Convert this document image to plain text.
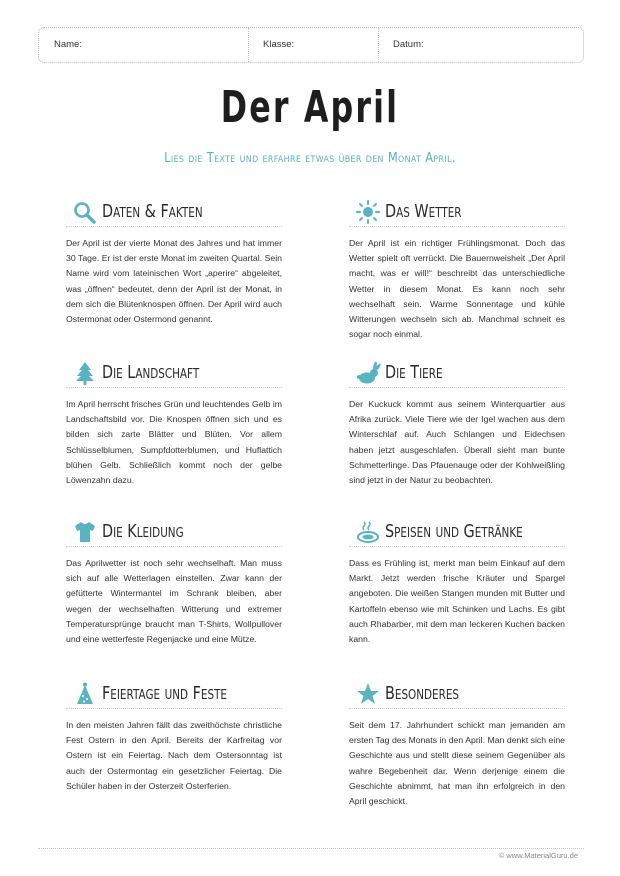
Name:	Klasse:	Datum:
Der April
Lies die Texte und erfahre etwas über den Monat April.
Daten & Fakten

Der April ist der vierte Monat des Jahres und hat immer 30 Tage. Er ist der erste Monat im zweiten Quartal. Sein Name wird vom lateinischen Wort „aperire“ abgeleitet, was „öffnen“ bedeutet, denn der April ist der Monat, in dem sich die Blütenknospen öffnen. Der April wird auch Ostermonat oder Ostermond genannt.

Das Wetter

Der April ist ein richtiger Frühlingsmonat. Doch das Wetter spielt oft verrückt. Die Bauernweisheit „Der April macht, was er will!“ beschreibt das unterschiedliche Wetter in diesem Monat. Es kann noch sehr wechselhaft sein. Warme Sonnentage und kühle Witterungen wechseln sich ab. Manchmal schneit es sogar noch einmal.

Die Landschaft

Im April herrscht frisches Grün und leuchtendes Gelb im Landschaftsbild vor. Die Knospen öffnen sich und es bilden sich zarte Blätter und Blüten. Vor allem Schlüsselblumen, Sumpfdotterblumen, und Huflattich blühen Gelb. Schließlich kommt noch der gelbe Löwenzahn dazu.

Die Tiere

Der Kuckuck kommt aus seinem Winterquartier aus Afrika zurück. Viele Tiere wie der Igel wachen aus dem Winterschlaf auf. Auch Schlangen und Eidechsen haben jetzt ausgeschlafen. Überall sieht man bunte Schmetterlinge. Das Pfauenauge oder der Kohlweißling sind jetzt in der Natur zu beobachten.

Die Kleidung

Das Aprilwetter ist noch sehr wechselhaft. Man muss sich auf alle Wetterlagen einstellen. Zwar kann der gefütterte Wintermantel im Schrank bleiben, aber wegen der wechselhaften Witterung und extremer Temperatursprünge braucht man T-Shirts, Wollpullover und eine wetterfeste Regenjacke und eine Mütze.

Speisen und Getränke

Dass es Frühling ist, merkt man beim Einkauf auf dem Markt. Jetzt werden frische Kräuter und Spargel angeboten. Die weißen Stangen munden mit Butter und Kartoffeln ebenso wie mit Schinken und Lachs. Es gibt auch Rhabarber, mit dem man leckeren Kuchen backen kann.

Feiertage und Feste

In den meisten Jahren fällt das zweithöchste christliche Fest Ostern in den April. Bereits der Karfreitag vor Ostern ist ein Feiertag. Nach dem Ostersonntag ist auch der Ostermontag ein gesetzlicher Feiertag. Die Schüler haben in der Osterzeit Osterferien.

Besonderes

Seit dem 17. Jahrhundert schickt man jemanden am ersten Tag des Monats in den April. Man denkt sich eine Geschichte aus und stellt diese seinem Gegenüber als wahre Begebenheit dar. Wenn derjenige einem die Geschichte abnimmt, hat man ihn erfolgreich in den April geschickt.

© www.MaterialGuru.de
